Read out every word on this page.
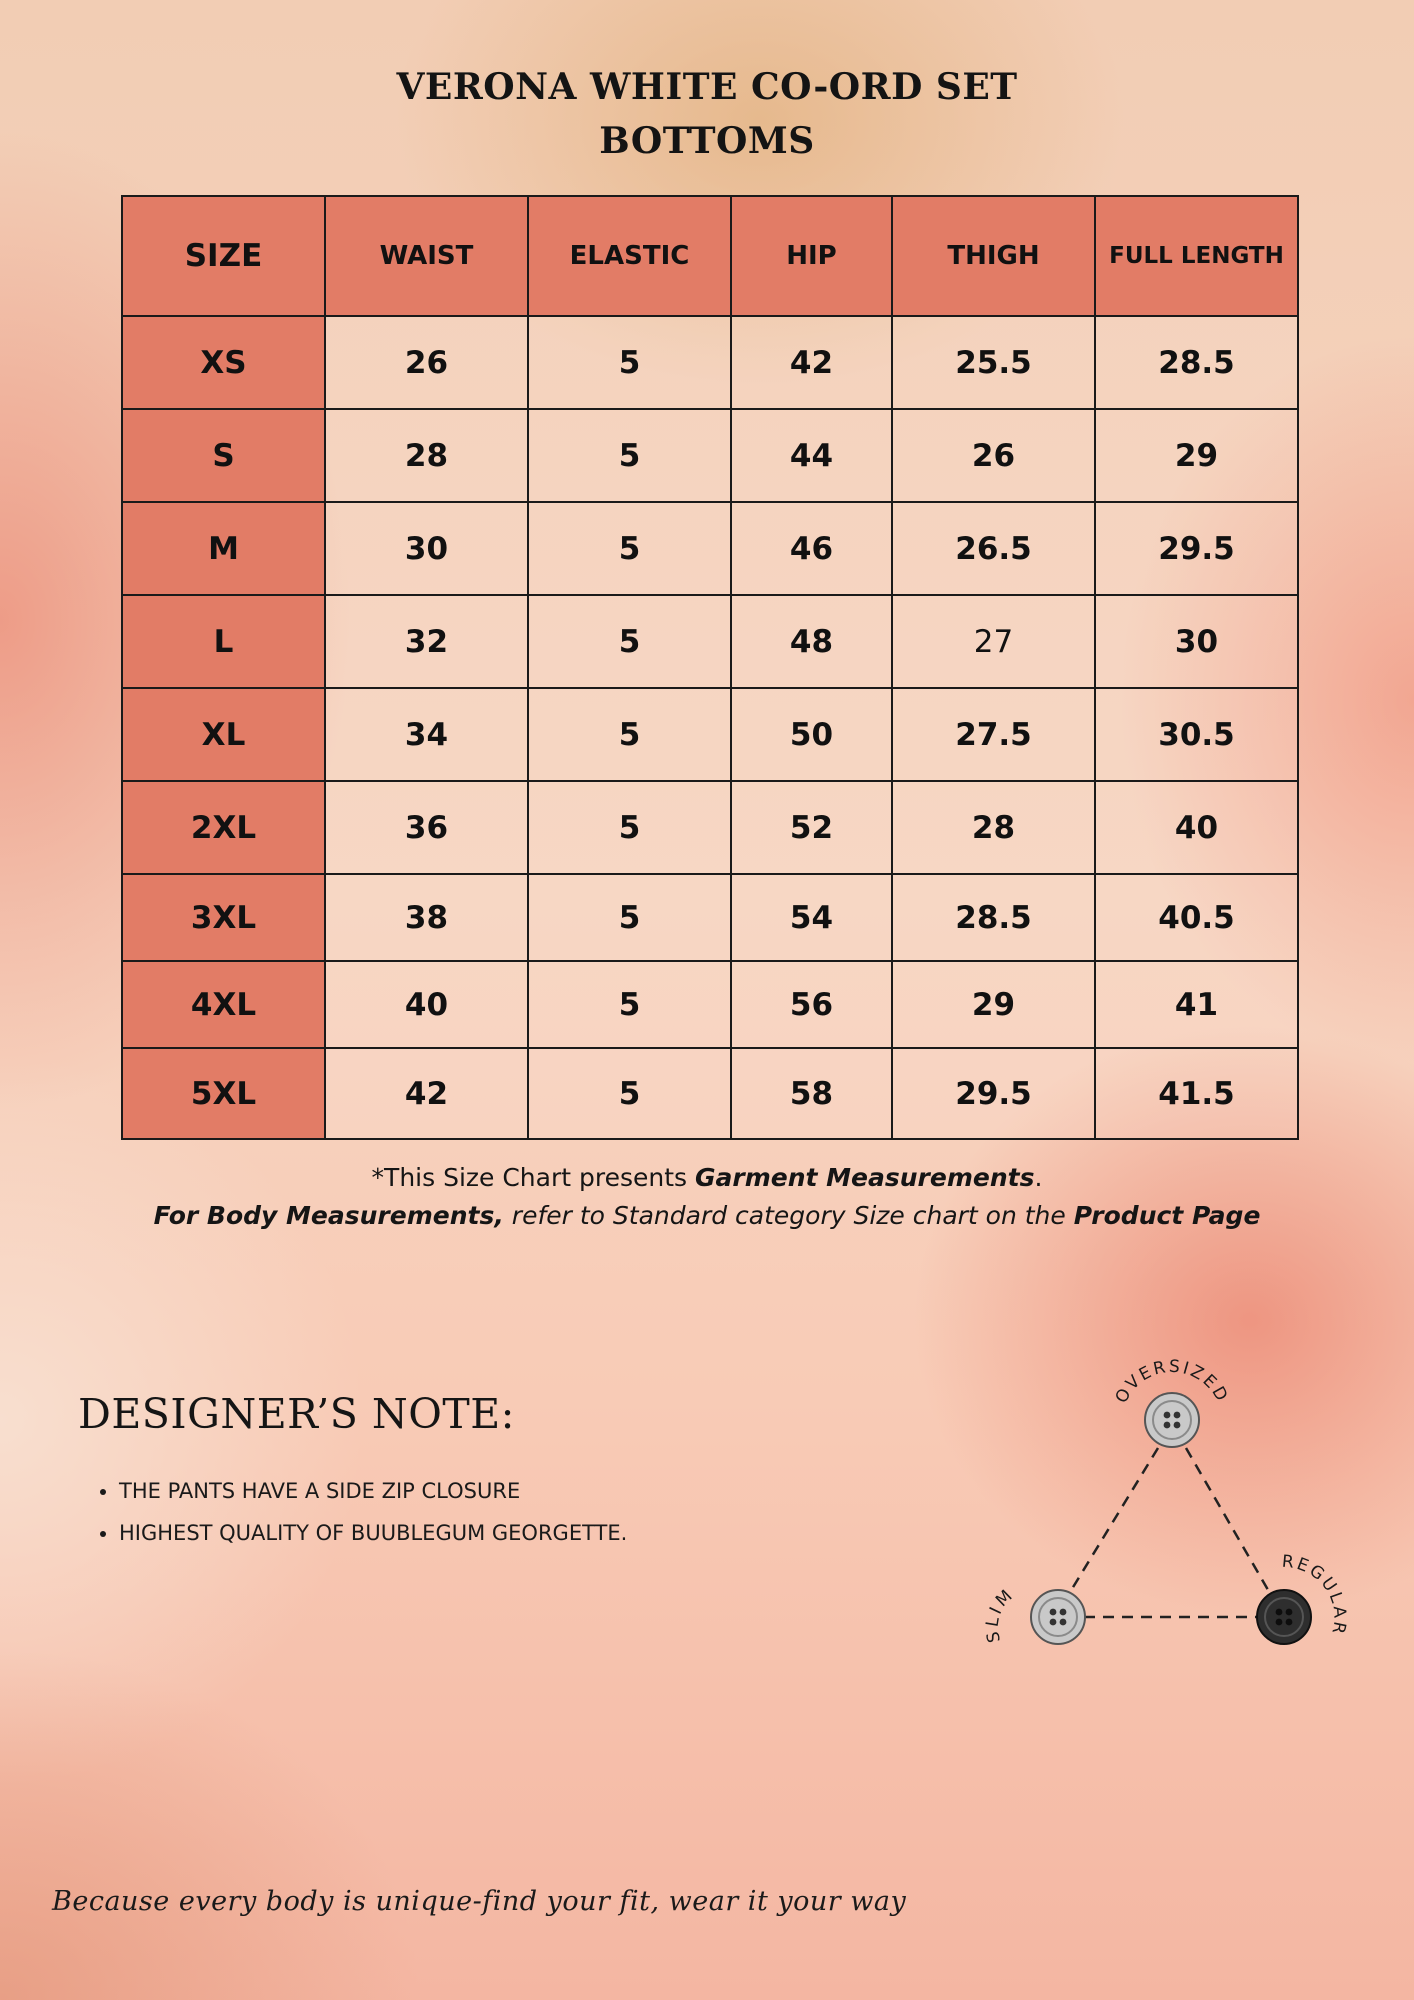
VERONA WHITE CO-ORD SET
BOTTOMS
SIZE	WAIST	ELASTIC	HIP	THIGH	FULL LENGTH
XS	26	5	42	25.5	28.5
S	28	5	44	26	29
M	30	5	46	26.5	29.5
L	32	5	48	27	30
XL	34	5	50	27.5	30.5
2XL	36	5	52	28	40
3XL	38	5	54	28.5	40.5
4XL	40	5	56	29	41
5XL	42	5	58	29.5	41.5
*This Size Chart presents Garment Measurements.
For Body Measurements, refer to Standard category Size chart on the Product Page
DESIGNER’S NOTE:
• THE PANTS HAVE A SIDE ZIP CLOSURE
• HIGHEST QUALITY OF BUUBLEGUM GEORGETTE.
OVERSIZED
SLIM
REGULAR
Because every body is unique-find your fit, wear it your way
